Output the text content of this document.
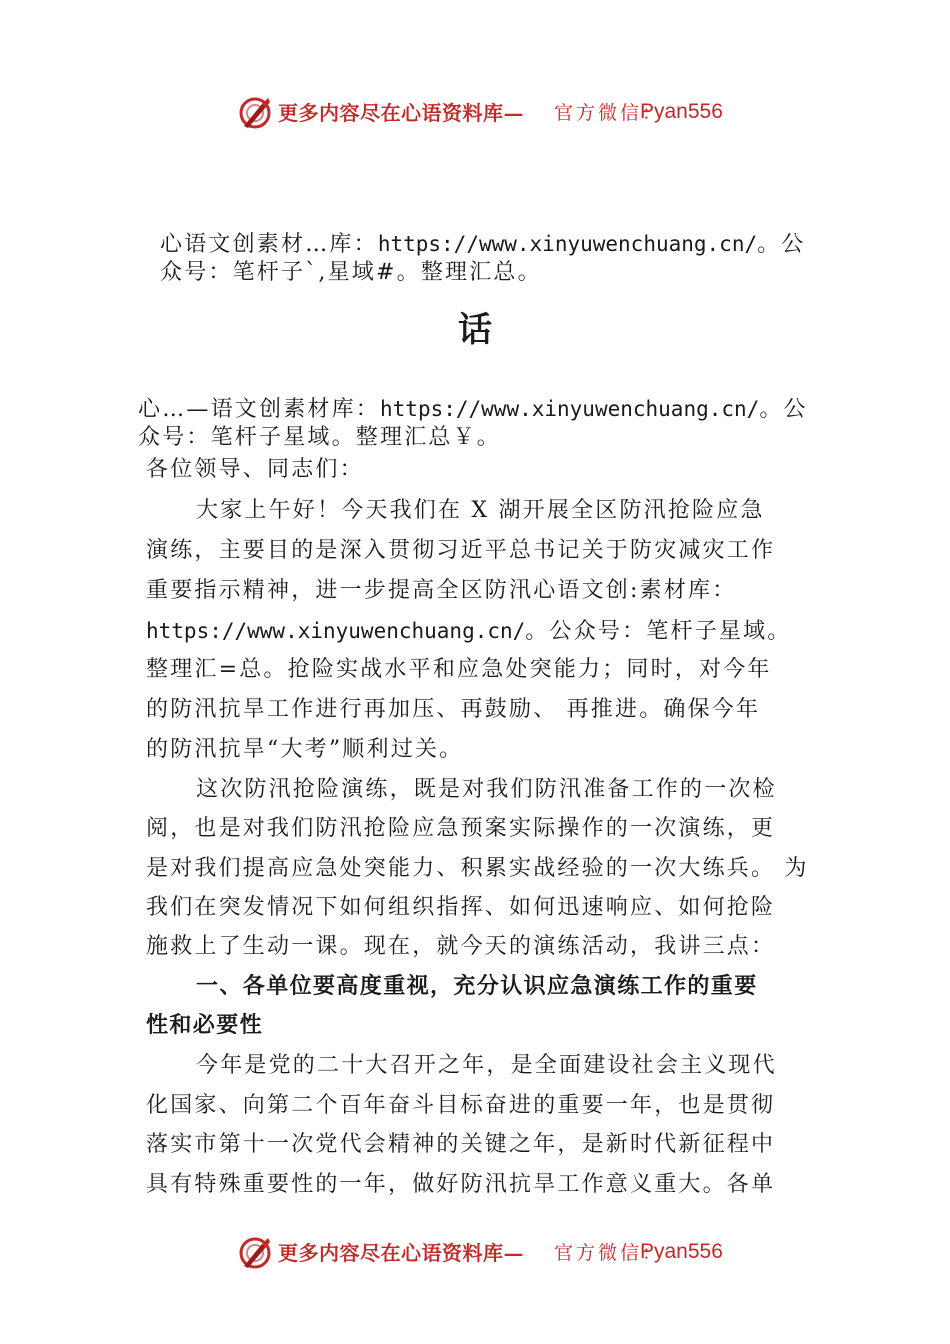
更多内容尽在心语资料库— 官方微信：
Pyan556
心语文创素材…库：https://www.xinyuwenchuang.cn/。公
众号：笔杆子`,星域#。整理汇总。
话
心…—语文创素材库：https://www.xinyuwenchuang.cn/。公
众号：笔杆子星域。整理汇总￥。
各位领导、同志们：
大家上午好！今天我们在 X 湖开展全区防汛抢险应急
演练，主要目的是深入贯彻习近平总书记关于防灾减灾工作
重要指示精神，进一步提高全区防汛心语文创:素材库：
https://www.xinyuwenchuang.cn/。公众号：笔杆子星域。
整理汇=总。抢险实战水平和应急处突能力；同时，对今年
的防汛抗旱工作进行再加压、再鼓励、 再推进。确保今年
的防汛抗旱“大考”顺利过关。
这次防汛抢险演练，既是对我们防汛准备工作的一次检
阅，也是对我们防汛抢险应急预案实际操作的一次演练，更
是对我们提高应急处突能力、积累实战经验的一次大练兵。 为
我们在突发情况下如何组织指挥、如何迅速响应、如何抢险
施救上了生动一课。现在，就今天的演练活动，我讲三点：
一、各单位要高度重视，充分认识应急演练工作的重要
性和必要性
今年是党的二十大召开之年，是全面建设社会主义现代
化国家、向第二个百年奋斗目标奋进的重要一年，也是贯彻
落实市第十一次党代会精神的关键之年，是新时代新征程中
具有特殊重要性的一年，做好防汛抗旱工作意义重大。各单
更多内容尽在心语资料库— 官方微信：
Pyan556
